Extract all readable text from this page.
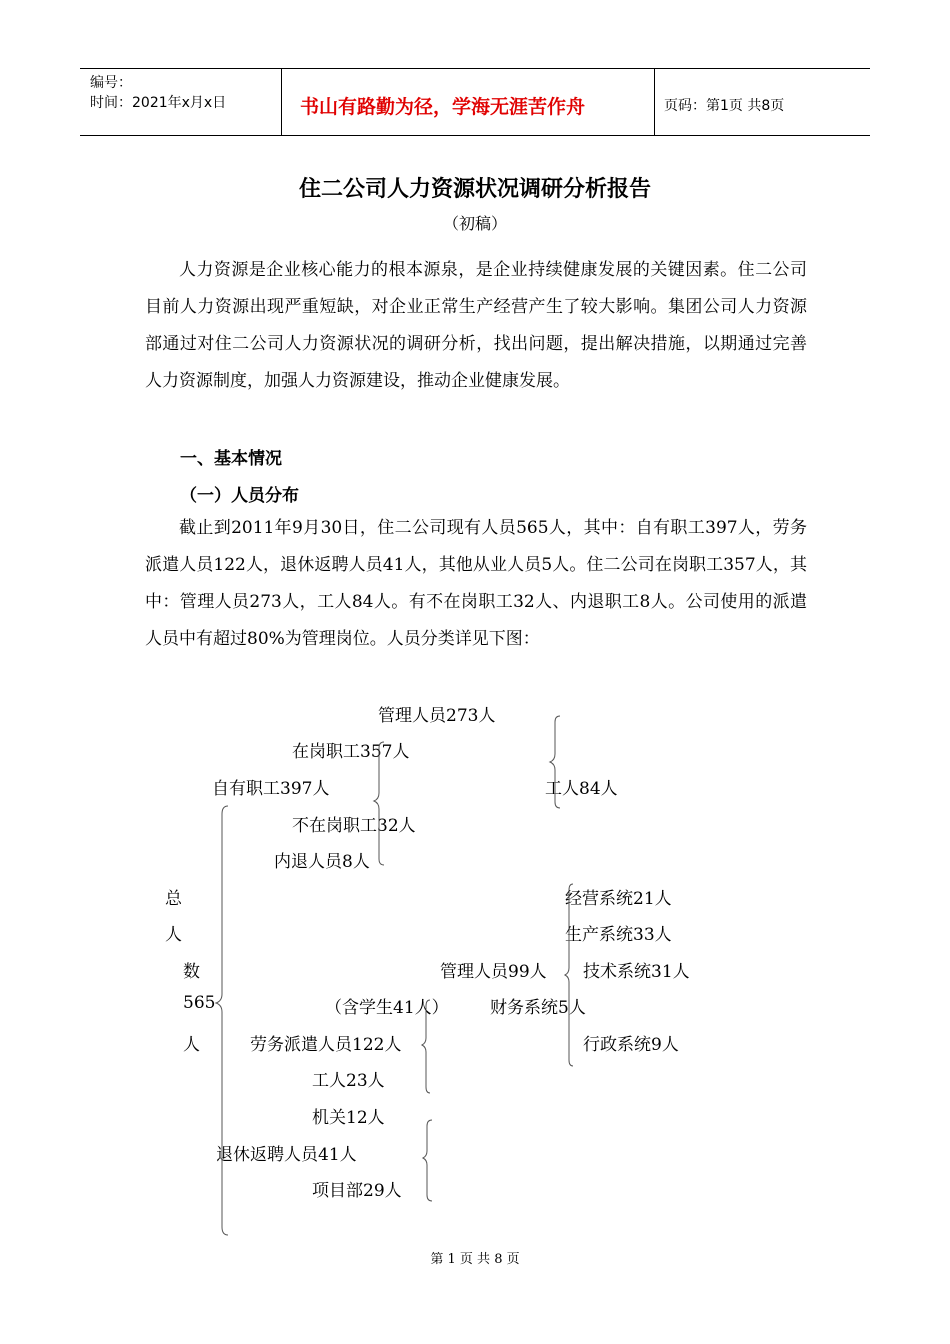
编号：
时间：2021年x月x日	书山有路勤为径，学海无涯苦作舟	页码：第1页 共8页
住二公司人力资源状况调研分析报告
（初稿）

人力资源是企业核心能力的根本源泉，是企业持续健康发展的关键因素。住二公司目前人力资源出现严重短缺，对企业正常生产经营产生了较大影响。集团公司人力资源部通过对住二公司人力资源状况的调研分析，找出问题，提出解决措施，以期通过完善人力资源制度，加强人力资源建设，推动企业健康发展。

一、基本情况
（一）人员分布

截止到2011年9月30日，住二公司现有人员565人，其中：自有职工397人，劳务派遣人员122人，退休返聘人员41人，其他从业人员5人。住二公司在岗职工357人，其中：管理人员273人，工人84人。有不在岗职工32人、内退职工8人。公司使用的派遣人员中有超过80%为管理岗位。人员分类详见下图：

管理人员273人
在岗职工357人
自有职工397人	工人84人
不在岗职工32人
内退人员8人
总
人
数
565
人
经营系统21人
生产系统33人
管理人员99人 技术系统31人
（含学生41人） 财务系统5人
劳务派遣人员122人	行政系统9人
工人23人
机关12人
退休返聘人员41人
项目部29人
第 1 页 共 8 页
